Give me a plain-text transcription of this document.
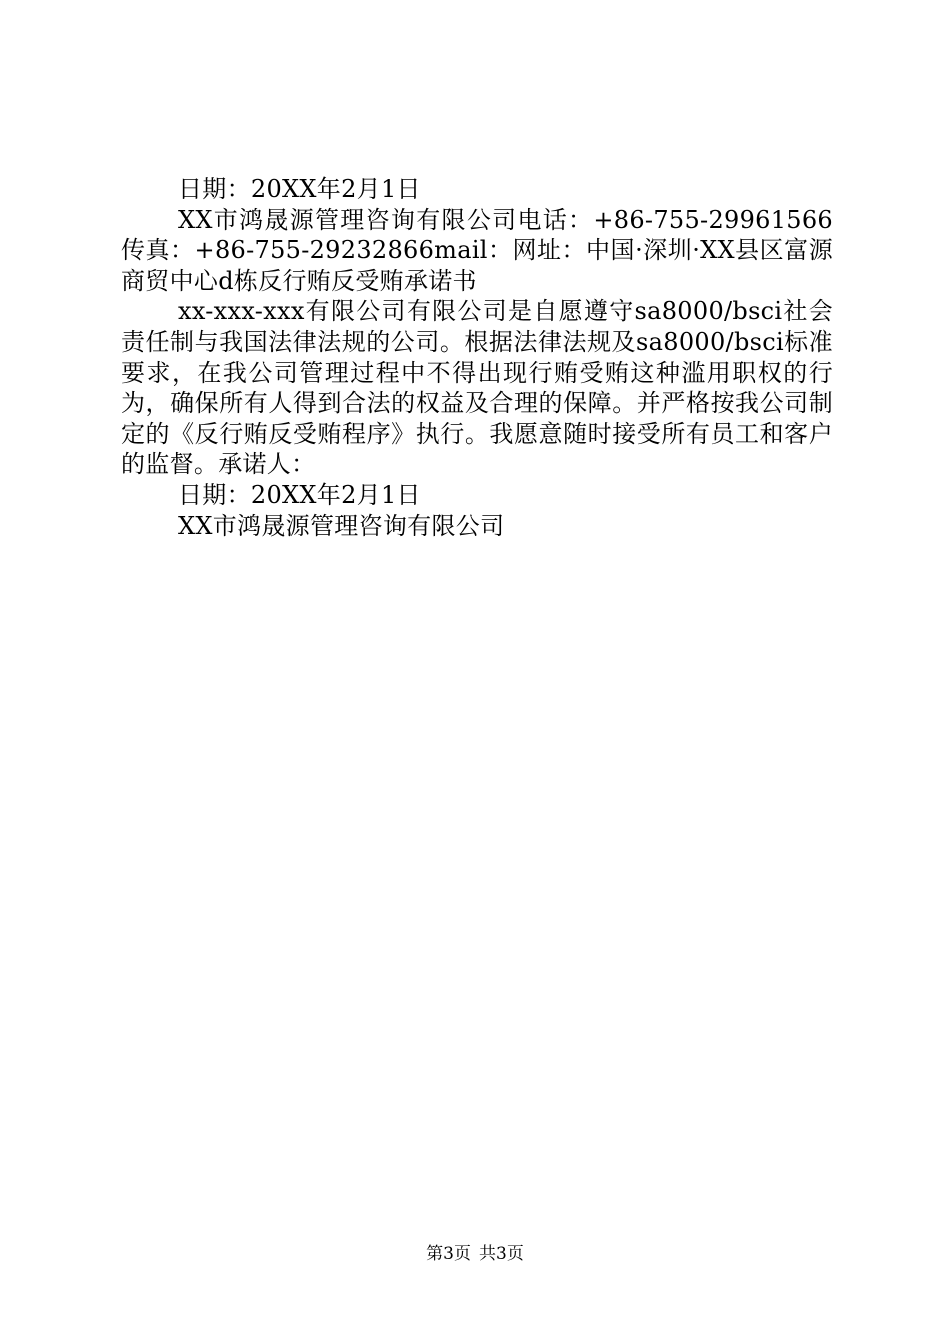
日期：20XX年2月1日

XX市鸿晟源管理咨询有限公司电话：+86-755-29961566传真：+86-755-29232866mail：网址：中国·深圳·XX县区富源商贸中心d栋反行贿反受贿承诺书

xx-xxx-xxx有限公司有限公司是自愿遵守sa8000/bsci社会责任制与我国法律法规的公司。根据法律法规及sa8000/bsci标准要求，在我公司管理过程中不得出现行贿受贿这种滥用职权的行为，确保所有人得到合法的权益及合理的保障。并严格按我公司制定的《反行贿反受贿程序》执行。我愿意随时接受所有员工和客户的监督。承诺人：

日期：20XX年2月1日

XX市鸿晟源管理咨询有限公司

第3页 共3页
